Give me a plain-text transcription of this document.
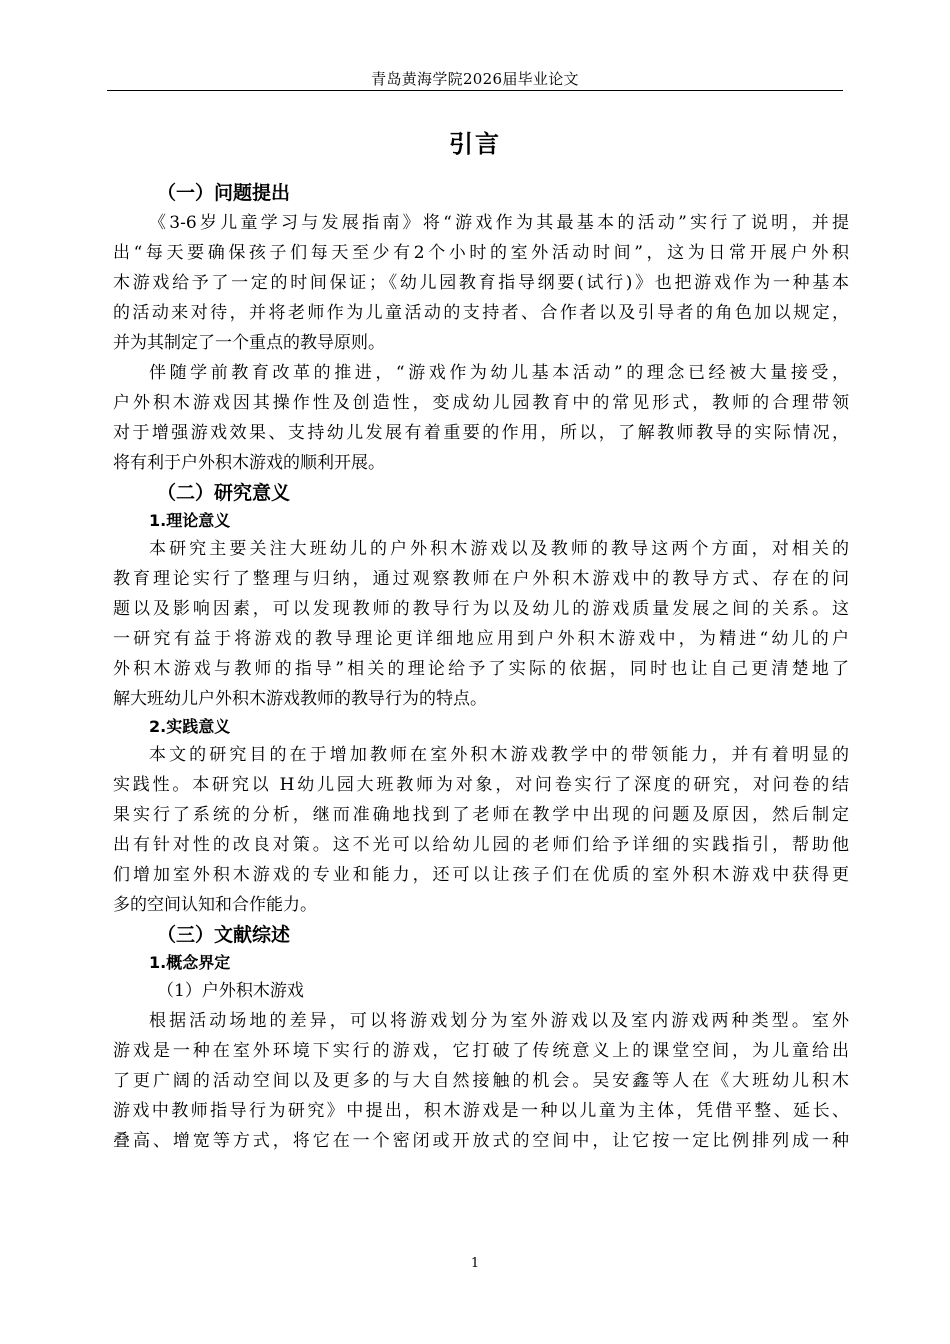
青岛黄海学院2026届毕业论文
引言
（一）问题提出
《3-6岁儿童学习与发展指南》将“游戏作为其最基本的活动”实行了说明，并提
出“每天要确保孩子们每天至少有2个小时的室外活动时间”，这为日常开展户外积
木游戏给予了一定的时间保证；《幼儿园教育指导纲要(试行)》也把游戏作为一种基本
的活动来对待，并将老师作为儿童活动的支持者、合作者以及引导者的角色加以规定，
并为其制定了一个重点的教导原则。
伴随学前教育改革的推进，“游戏作为幼儿基本活动”的理念已经被大量接受，
户外积木游戏因其操作性及创造性，变成幼儿园教育中的常见形式，教师的合理带领
对于增强游戏效果、支持幼儿发展有着重要的作用，所以，了解教师教导的实际情况，
将有利于户外积木游戏的顺利开展。
（二）研究意义
1.理论意义
本研究主要关注大班幼儿的户外积木游戏以及教师的教导这两个方面，对相关的
教育理论实行了整理与归纳，通过观察教师在户外积木游戏中的教导方式、存在的问
题以及影响因素，可以发现教师的教导行为以及幼儿的游戏质量发展之间的关系。这
一研究有益于将游戏的教导理论更详细地应用到户外积木游戏中，为精进“幼儿的户
外积木游戏与教师的指导”相关的理论给予了实际的依据，同时也让自己更清楚地了
解大班幼儿户外积木游戏教师的教导行为的特点。
2.实践意义
本文的研究目的在于增加教师在室外积木游戏教学中的带领能力，并有着明显的
实践性。本研究以 H幼儿园大班教师为对象，对问卷实行了深度的研究，对问卷的结
果实行了系统的分析，继而准确地找到了老师在教学中出现的问题及原因，然后制定
出有针对性的改良对策。这不光可以给幼儿园的老师们给予详细的实践指引，帮助他
们增加室外积木游戏的专业和能力，还可以让孩子们在优质的室外积木游戏中获得更
多的空间认知和合作能力。
（三）文献综述
1.概念界定
（1）户外积木游戏
根据活动场地的差异，可以将游戏划分为室外游戏以及室内游戏两种类型。室外
游戏是一种在室外环境下实行的游戏，它打破了传统意义上的课堂空间，为儿童给出
了更广阔的活动空间以及更多的与大自然接触的机会。吴安鑫等人在《大班幼儿积木
游戏中教师指导行为研究》中提出，积木游戏是一种以儿童为主体，凭借平整、延长、
叠高、增宽等方式，将它在一个密闭或开放式的空间中，让它按一定比例排列成一种
1
